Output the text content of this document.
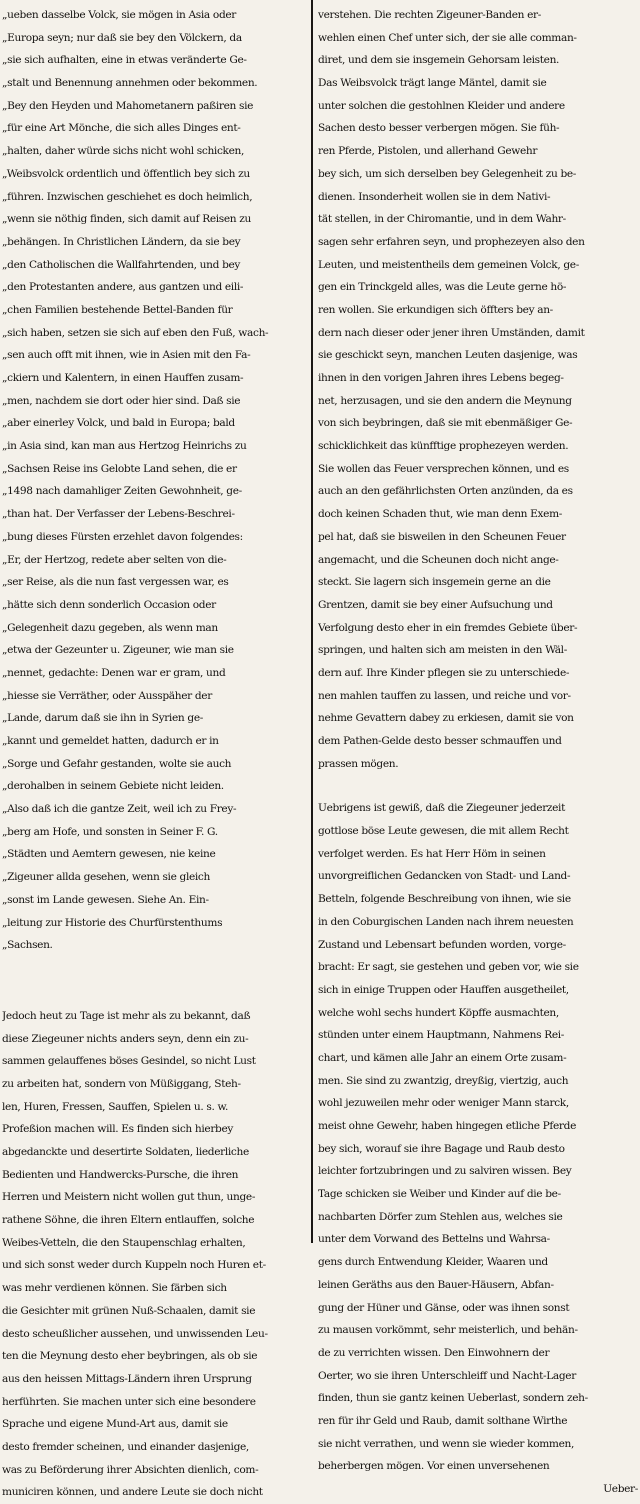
„ueben dasselbe Volck, sie mögen in Asia oder
„Europa seyn; nur daß sie bey den Völckern, da
„sie sich aufhalten, eine in etwas veränderte Ge-
„stalt und Benennung annehmen oder bekommen.
„Bey den Heyden und Mahometanern paßiren sie
„für eine Art Mönche, die sich alles Dinges ent-
„halten, daher würde sichs nicht wohl schicken,
„Weibsvolck ordentlich und öffentlich bey sich zu
„führen. Inzwischen geschiehet es doch heimlich,
„wenn sie nöthig finden, sich damit auf Reisen zu
„behängen. In Christlichen Ländern, da sie bey
„den Catholischen die Wallfahrtenden, und bey
„den Protestanten andere, aus gantzen und eili-
„chen Familien bestehende Bettel-Banden für
„sich haben, setzen sie sich auf eben den Fuß, wach-
„sen auch offt mit ihnen, wie in Asien mit den Fa-
„ckiern und Kalentern, in einen Hauffen zusam-
„men, nachdem sie dort oder hier sind. Daß sie
„aber einerley Volck, und bald in Europa; bald
„in Asia sind, kan man aus Hertzog Heinrichs zu
„Sachsen Reise ins Gelobte Land sehen, die er
„1498 nach damahliger Zeiten Gewohnheit, ge-
„than hat. Der Verfasser der Lebens-Beschrei-
„bung dieses Fürsten erzehlet davon folgendes:
„Er, der Hertzog, redete aber selten von die-
„ser Reise, als die nun fast vergessen war, es
„hätte sich denn sonderlich Occasion oder
„Gelegenheit dazu gegeben, als wenn man
„etwa der Gezeunter u. Zigeuner, wie man sie
„nennet, gedachte: Denen war er gram, und
„hiesse sie Verräther, oder Ausspäher der
„Lande, darum daß sie ihn in Syrien ge-
„kannt und gemeldet hatten, dadurch er in
„Sorge und Gefahr gestanden, wolte sie auch
„derohalben in seinem Gebiete nicht leiden.
„Also daß ich die gantze Zeit, weil ich zu Frey-
„berg am Hofe, und sonsten in Seiner F. G.
„Städten und Aemtern gewesen, nie keine
„Zigeuner allda gesehen, wenn sie gleich
„sonst im Lande gewesen. Siehe An. Ein-
„leitung zur Historie des Churfürstenthums
„Sachsen.
Jedoch heut zu Tage ist mehr als zu bekannt, daß
diese Ziegeuner nichts anders seyn, denn ein zu-
sammen gelauffenes böses Gesindel, so nicht Lust
zu arbeiten hat, sondern von Müßiggang, Steh-
len, Huren, Fressen, Sauffen, Spielen u. s. w.
Profeßion machen will. Es finden sich hierbey
abgedanckte und desertirte Soldaten, liederliche
Bedienten und Handwercks-Pursche, die ihren
Herren und Meistern nicht wollen gut thun, unge-
rathene Söhne, die ihren Eltern entlauffen, solche
Weibes-Vetteln, die den Staupenschlag erhalten,
und sich sonst weder durch Kuppeln noch Huren et-
was mehr verdienen können. Sie färben sich
die Gesichter mit grünen Nuß-Schaalen, damit sie
desto scheußlicher aussehen, und unwissenden Leu-
ten die Meynung desto eher beybringen, als ob sie
aus den heissen Mittags-Ländern ihren Ursprung
herführten. Sie machen unter sich eine besondere
Sprache und eigene Mund-Art aus, damit sie
desto fremder scheinen, und einander dasjenige,
was zu Beförderung ihrer Absichten dienlich, com-
municiren können, und andere Leute sie doch nicht
verstehen. Die rechten Zigeuner-Banden er-
wehlen einen Chef unter sich, der sie alle comman-
diret, und dem sie insgemein Gehorsam leisten.
Das Weibsvolck trägt lange Mäntel, damit sie
unter solchen die gestohlnen Kleider und andere
Sachen desto besser verbergen mögen. Sie füh-
ren Pferde, Pistolen, und allerhand Gewehr
bey sich, um sich derselben bey Gelegenheit zu be-
dienen. Insonderheit wollen sie in dem Nativi-
tät stellen, in der Chiromantie, und in dem Wahr-
sagen sehr erfahren seyn, und prophezeyen also den
Leuten, und meistentheils dem gemeinen Volck, ge-
gen ein Trinckgeld alles, was die Leute gerne hö-
ren wollen. Sie erkundigen sich öffters bey an-
dern nach dieser oder jener ihren Umständen, damit
sie geschickt seyn, manchen Leuten dasjenige, was
ihnen in den vorigen Jahren ihres Lebens begeg-
net, herzusagen, und sie den andern die Meynung
von sich beybringen, daß sie mit ebenmäßiger Ge-
schicklichkeit das künfftige prophezeyen werden.
Sie wollen das Feuer versprechen können, und es
auch an den gefährlichsten Orten anzünden, da es
doch keinen Schaden thut, wie man denn Exem-
pel hat, daß sie bisweilen in den Scheunen Feuer
angemacht, und die Scheunen doch nicht ange-
steckt. Sie lagern sich insgemein gerne an die
Grentzen, damit sie bey einer Aufsuchung und
Verfolgung desto eher in ein fremdes Gebiete über-
springen, und halten sich am meisten in den Wäl-
dern auf. Ihre Kinder pflegen sie zu unterschiede-
nen mahlen tauffen zu lassen, und reiche und vor-
nehme Gevattern dabey zu erkiesen, damit sie von
dem Pathen-Gelde desto besser schmauffen und
prassen mögen.
Uebrigens ist gewiß, daß die Ziegeuner jederzeit
gottlose böse Leute gewesen, die mit allem Recht
verfolget werden. Es hat Herr Höm in seinen
unvorgreiflichen Gedancken von Stadt- und Land-
Betteln, folgende Beschreibung von ihnen, wie sie
in den Coburgischen Landen nach ihrem neuesten
Zustand und Lebensart befunden worden, vorge-
bracht: Er sagt, sie gestehen und geben vor, wie sie
sich in einige Truppen oder Hauffen ausgetheilet,
welche wohl sechs hundert Köpffe ausmachten,
stünden unter einem Hauptmann, Nahmens Rei-
chart, und kämen alle Jahr an einem Orte zusam-
men. Sie sind zu zwantzig, dreyßig, viertzig, auch
wohl jezuweilen mehr oder weniger Mann starck,
meist ohne Gewehr, haben hingegen etliche Pferde
bey sich, worauf sie ihre Bagage und Raub desto
leichter fortzubringen und zu salviren wissen. Bey
Tage schicken sie Weiber und Kinder auf die be-
nachbarten Dörfer zum Stehlen aus, welches sie
unter dem Vorwand des Bettelns und Wahrsa-
gens durch Entwendung Kleider, Waaren und
leinen Geräths aus den Bauer-Häusern, Abfan-
gung der Hüner und Gänse, oder was ihnen sonst
zu mausen vorkömmt, sehr meisterlich, und behän-
de zu verrichten wissen. Den Einwohnern der
Oerter, wo sie ihren Unterschleiff und Nacht-Lager
finden, thun sie gantz keinen Ueberlast, sondern zeh-
ren für ihr Geld und Raub, damit solthane Wirthe
sie nicht verrathen, und wenn sie wieder kommen,
beherbergen mögen. Vor einen unversehenen
Ueber-
